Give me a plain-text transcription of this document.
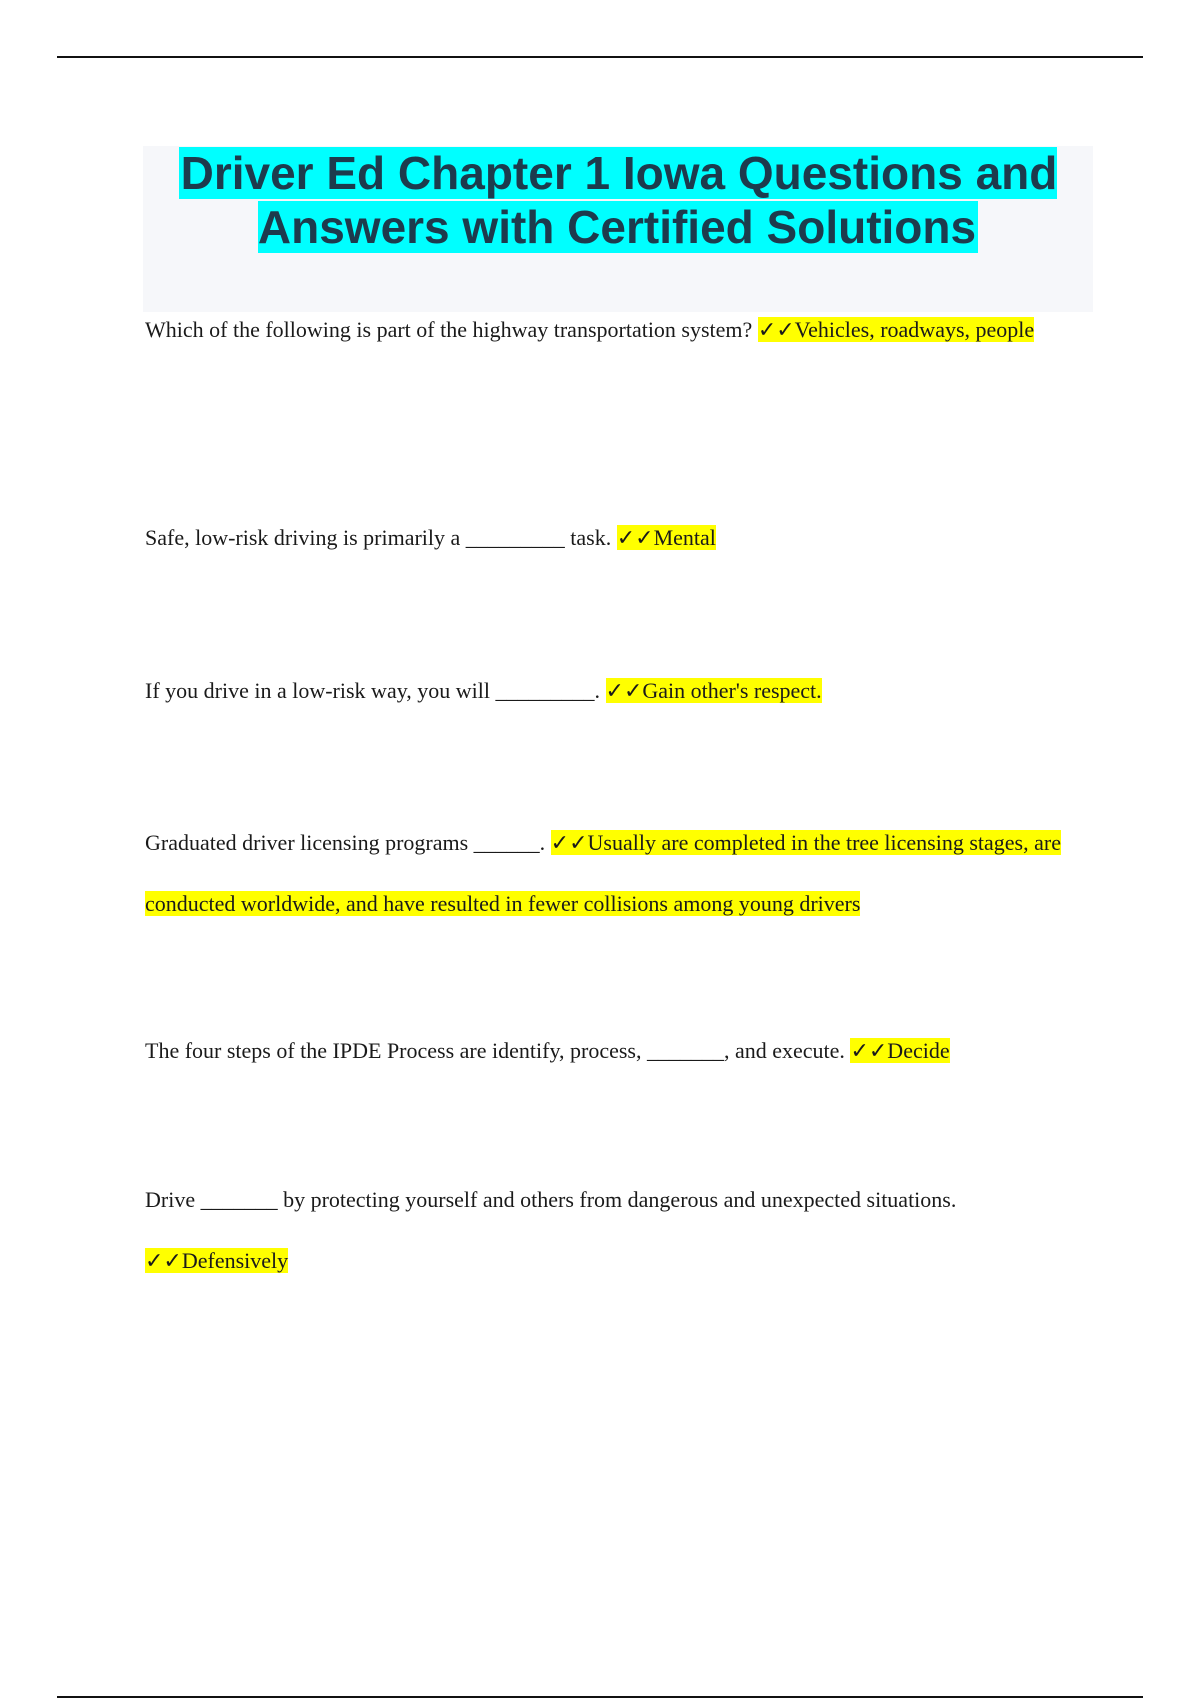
Driver Ed Chapter 1 Iowa Questions and Answers with Certified Solutions

Which of the following is part of the highway transportation system? ✓✓Vehicles, roadways, people

Safe, low-risk driving is primarily a _________ task. ✓✓Mental

If you drive in a low-risk way, you will _________. ✓✓Gain other's respect.

Graduated driver licensing programs ______. ✓✓Usually are completed in the tree licensing stages, are conducted worldwide, and have resulted in fewer collisions among young drivers

The four steps of the IPDE Process are identify, process, _______, and execute. ✓✓Decide

Drive _______ by protecting yourself and others from dangerous and unexpected situations. ✓✓Defensively
